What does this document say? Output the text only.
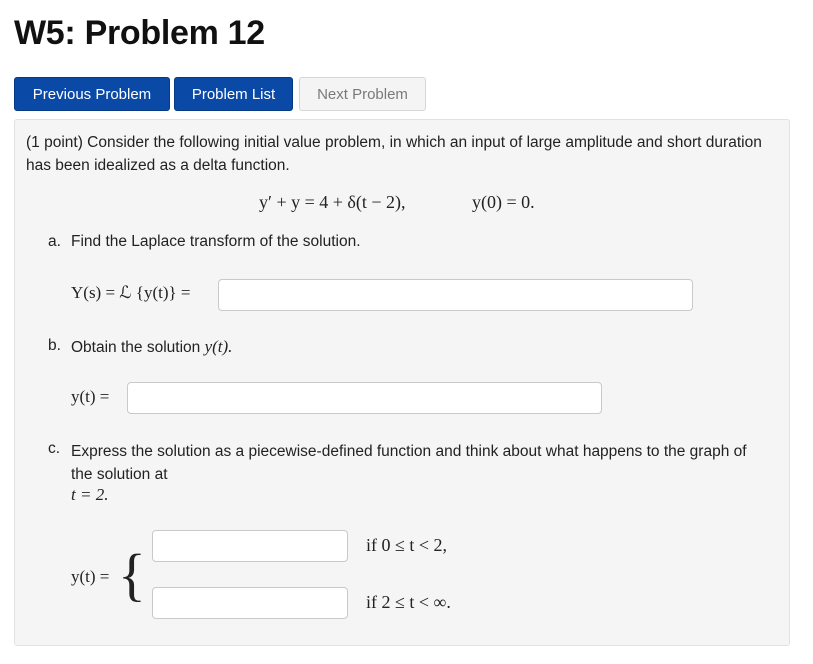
W5: Problem 12
Previous Problem	Problem List	Next Problem
(1 point) Consider the following initial value problem, in which an input of large amplitude and short duration has been idealized as a delta function.
y′ + y = 4 + δ(t − 2),	y(0) = 0.
a. Find the Laplace transform of the solution.
Y(s) = ℒ {y(t)} =
b. Obtain the solution y(t).
y(t) =
c. Express the solution as a piecewise-defined function and think about what happens to the graph of the solution at
t = 2.
y(t) = {	if 0 ≤ t < 2,
if 2 ≤ t < ∞.
